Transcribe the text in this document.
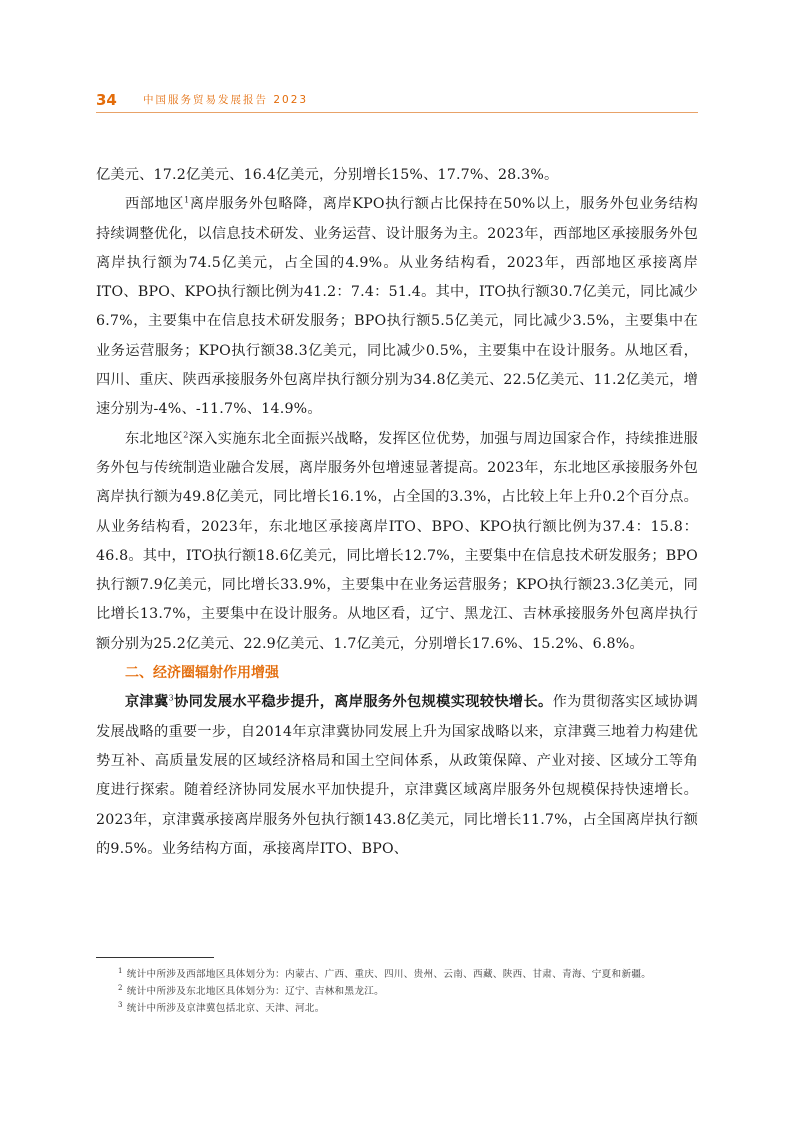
34 中国服务贸易发展报告 2023

亿美元、17.2亿美元、16.4亿美元，分别增长15%、17.7%、28.3%。

西部地区$^1$离岸服务外包略降，离岸KPO执行额占比保持在50%以上，服务外包业务结构持续调整优化，以信息技术研发、业务运营、设计服务为主。2023年，西部地区承接服务外包离岸执行额为74.5亿美元，占全国的4.9%。从业务结构看，2023年，西部地区承接离岸ITO、BPO、KPO执行额比例为41.2：7.4：51.4。其中，ITO执行额30.7亿美元，同比减少6.7%，主要集中在信息技术研发服务；BPO执行额5.5亿美元，同比减少3.5%，主要集中在业务运营服务；KPO执行额38.3亿美元，同比减少0.5%，主要集中在设计服务。从地区看，四川、重庆、陕西承接服务外包离岸执行额分别为34.8亿美元、22.5亿美元、11.2亿美元，增速分别为-4%、-11.7%、14.9%。

东北地区$^2$深入实施东北全面振兴战略，发挥区位优势，加强与周边国家合作，持续推进服务外包与传统制造业融合发展，离岸服务外包增速显著提高。2023年，东北地区承接服务外包离岸执行额为49.8亿美元，同比增长16.1%，占全国的3.3%，占比较上年上升0.2个百分点。从业务结构看，2023年，东北地区承接离岸ITO、BPO、KPO执行额比例为37.4：15.8：46.8。其中，ITO执行额18.6亿美元，同比增长12.7%，主要集中在信息技术研发服务；BPO执行额7.9亿美元，同比增长33.9%，主要集中在业务运营服务；KPO执行额23.3亿美元，同比增长13.7%，主要集中在设计服务。从地区看，辽宁、黑龙江、吉林承接服务外包离岸执行额分别为25.2亿美元、22.9亿美元、1.7亿美元，分别增长17.6%、15.2%、6.8%。

二、经济圈辐射作用增强

京津冀$^3$协同发展水平稳步提升，离岸服务外包规模实现较快增长。作为贯彻落实区域协调发展战略的重要一步，自2014年京津冀协同发展上升为国家战略以来，京津冀三地着力构建优势互补、高质量发展的区域经济格局和国土空间体系，从政策保障、产业对接、区域分工等角度进行探索。随着经济协同发展水平加快提升，京津冀区域离岸服务外包规模保持快速增长。2023年，京津冀承接离岸服务外包执行额143.8亿美元，同比增长11.7%，占全国离岸执行额的9.5%。业务结构方面，承接离岸ITO、BPO、

$^1$ 统计中所涉及西部地区具体划分为：内蒙古、广西、重庆、四川、贵州、云南、西藏、陕西、甘肃、青海、宁夏和新疆。

$^2$ 统计中所涉及东北地区具体划分为：辽宁、吉林和黑龙江。

$^3$ 统计中所涉及京津冀包括北京、天津、河北。
